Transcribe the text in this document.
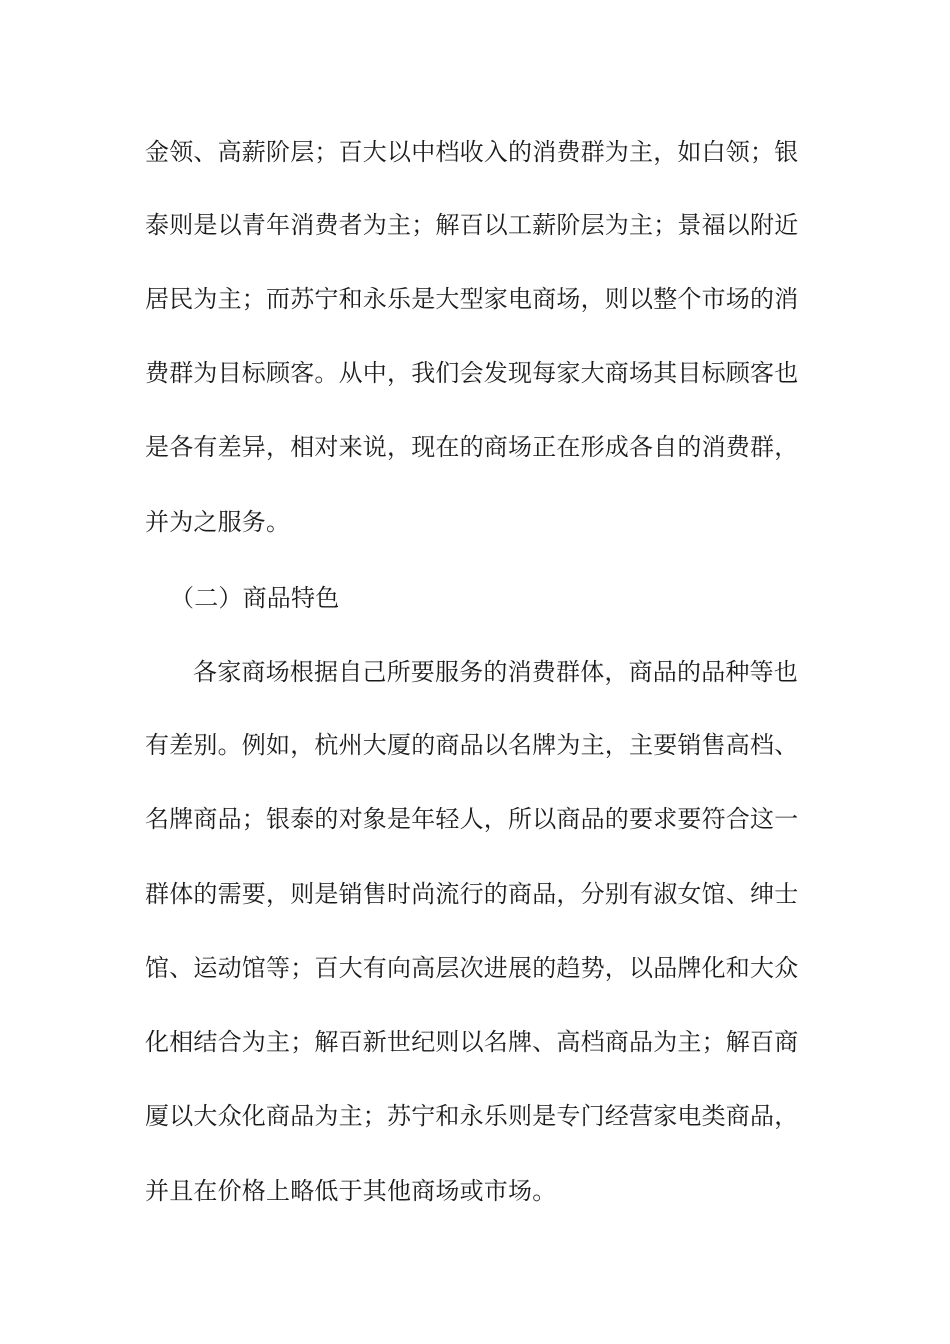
金领、高薪阶层；百大以中档收入的消费群为主，如白领；银
泰则是以青年消费者为主；解百以工薪阶层为主；景福以附近
居民为主；而苏宁和永乐是大型家电商场，则以整个市场的消
费群为目标顾客。从中，我们会发现每家大商场其目标顾客也
是各有差异，相对来说，现在的商场正在形成各自的消费群，
并为之服务。
（二）商品特色
各家商场根据自己所要服务的消费群体，商品的品种等也
有差别。例如，杭州大厦的商品以名牌为主，主要销售高档、
名牌商品；银泰的对象是年轻人，所以商品的要求要符合这一
群体的需要，则是销售时尚流行的商品，分别有淑女馆、绅士
馆、运动馆等；百大有向高层次进展的趋势，以品牌化和大众
化相结合为主；解百新世纪则以名牌、高档商品为主；解百商
厦以大众化商品为主；苏宁和永乐则是专门经营家电类商品，
并且在价格上略低于其他商场或市场。
